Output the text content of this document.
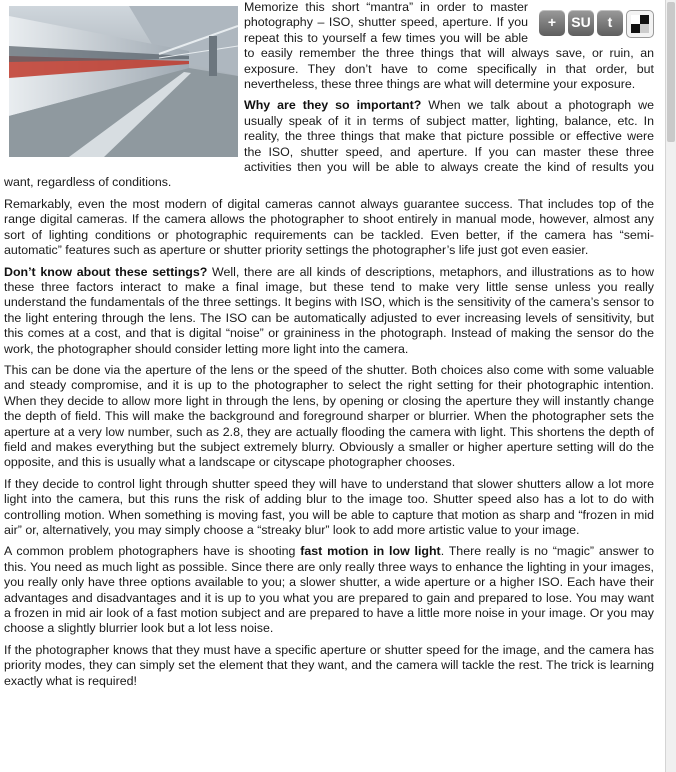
+	SU	t

Memorize this short “mantra” in order to master photography – ISO, shutter speed, aperture. If you repeat this to yourself a few times you will be able to easily remember the three things that will always save, or ruin, an exposure. They don’t have to come specifically in that order, but nevertheless, these three things are what will determine your exposure.

Why are they so important? When we talk about a photograph we usually speak of it in terms of subject matter, lighting, balance, etc. In reality, the three things that make that picture possible or effective were the ISO, shutter speed, and aperture. If you can master these three activities then you will be able to always create the kind of results you want, regardless of conditions.

Remarkably, even the most modern of digital cameras cannot always guarantee success. That includes top of the range digital cameras. If the camera allows the photographer to shoot entirely in manual mode, however, almost any sort of lighting conditions or photographic requirements can be tackled. Even better, if the camera has “semi-automatic” features such as aperture or shutter priority settings the photographer’s life just got even easier.

Don’t know about these settings? Well, there are all kinds of descriptions, metaphors, and illustrations as to how these three factors interact to make a final image, but these tend to make very little sense unless you really understand the fundamentals of the three settings. It begins with ISO, which is the sensitivity of the camera’s sensor to the light entering through the lens. The ISO can be automatically adjusted to ever increasing levels of sensitivity, but this comes at a cost, and that is digital “noise” or graininess in the photograph. Instead of making the sensor do the work, the photographer should consider letting more light into the camera.

This can be done via the aperture of the lens or the speed of the shutter. Both choices also come with some valuable and steady compromise, and it is up to the photographer to select the right setting for their photographic intention. When they decide to allow more light in through the lens, by opening or closing the aperture they will instantly change the depth of field. This will make the background and foreground sharper or blurrier. When the photographer sets the aperture at a very low number, such as 2.8, they are actually flooding the camera with light. This shortens the depth of field and makes everything but the subject extremely blurry. Obviously a smaller or higher aperture setting will do the opposite, and this is usually what a landscape or cityscape photographer chooses.

If they decide to control light through shutter speed they will have to understand that slower shutters allow a lot more light into the camera, but this runs the risk of adding blur to the image too. Shutter speed also has a lot to do with controlling motion. When something is moving fast, you will be able to capture that motion as sharp and “frozen in mid air” or, alternatively, you may simply choose a “streaky blur” look to add more artistic value to your image.

A common problem photographers have is shooting fast motion in low light. There really is no “magic” answer to this. You need as much light as possible. Since there are only really three ways to enhance the lighting in your images, you really only have three options available to you; a slower shutter, a wide aperture or a higher ISO. Each have their advantages and disadvantages and it is up to you what you are prepared to gain and prepared to lose. You may want a frozen in mid air look of a fast motion subject and are prepared to have a little more noise in your image. Or you may choose a slightly blurrier look but a lot less noise.

If the photographer knows that they must have a specific aperture or shutter speed for the image, and the camera has priority modes, they can simply set the element that they want, and the camera will tackle the rest. The trick is learning exactly what is required!
